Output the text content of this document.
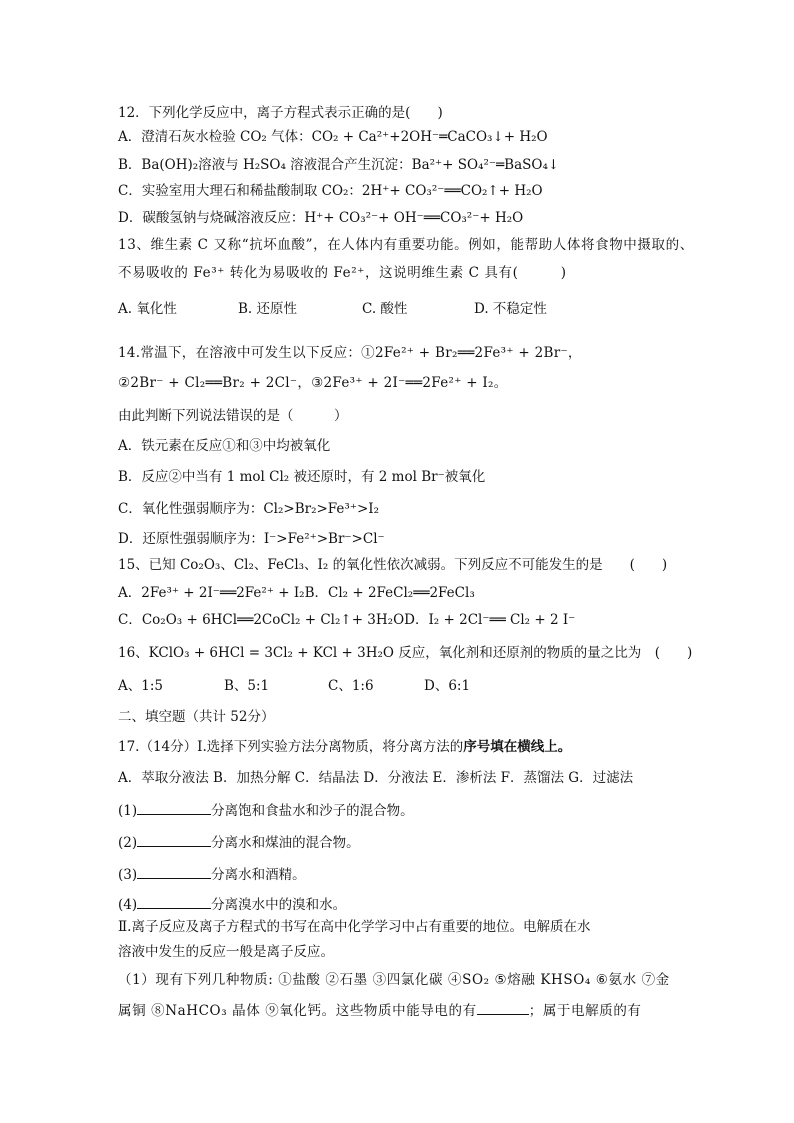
12．下列化学反应中，离子方程式表示正确的是(　　)
A．澄清石灰水检验 CO₂ 气体：CO₂ + Ca²⁺+2OH⁻═CaCO₃↓+ H₂O
B．Ba(OH)₂溶液与 H₂SO₄ 溶液混合产生沉淀：Ba²⁺+ SO₄²⁻═BaSO₄↓
C．实验室用大理石和稀盐酸制取 CO₂：2H⁺+ CO₃²⁻══CO₂↑+ H₂O
D．碳酸氢钠与烧碱溶液反应：H⁺+ CO₃²⁻+ OH⁻══CO₃²⁻+ H₂O
13、维生素 C 又称“抗坏血酸”，在人体内有重要功能。例如，能帮助人体将食物中摄取的、
不易吸收的 Fe³⁺ 转化为易吸收的 Fe²⁺，这说明维生素 C 具有(　　　)
A. 氧化性	B. 还原性	C. 酸性	D. 不稳定性
14.常温下，在溶液中可发生以下反应：①2Fe²⁺ + Br₂══2Fe³⁺ + 2Br⁻，
②2Br⁻ + Cl₂══Br₂ + 2Cl⁻，③2Fe³⁺ + 2I⁻══2Fe²⁺ + I₂。
由此判断下列说法错误的是（　　　）
A．铁元素在反应①和③中均被氧化
B．反应②中当有 1 mol Cl₂ 被还原时，有 2 mol Br⁻被氧化
C．氧化性强弱顺序为：Cl₂>Br₂>Fe³⁺>I₂
D．还原性强弱顺序为：I⁻>Fe²⁺>Br⁻>Cl⁻
15、已知 Co₂O₃、Cl₂、FeCl₃、I₂ 的氧化性依次减弱。下列反应不可能发生的是　　(　　)
A．2Fe³⁺ + 2I⁻══2Fe²⁺ + I₂B．Cl₂ + 2FeCl₂══2FeCl₃
C．Co₂O₃ + 6HCl══2CoCl₂ + Cl₂↑+ 3H₂OD．I₂ + 2Cl⁻══ Cl₂ + 2 I⁻
16、KClO₃ + 6HCl = 3Cl₂ + KCl + 3H₂O 反应，氧化剂和还原剂的物质的量之比为　(　　)
A、1:5	B、5:1	C、1:6	D、6:1
二、填空题（共计 52分）
17.（14分）Ⅰ.选择下列实验方法分离物质，将分离方法的序号填在横线上。
A．萃取分液法 B．加热分解 C．结晶法 D．分液法 E．渗析法 F．蒸馏法 G．过滤法
(1)	分离饱和食盐水和沙子的混合物。
(2)	分离水和煤油的混合物。
(3)	分离水和酒精。
(4)	分离溴水中的溴和水。
Ⅱ.离子反应及离子方程式的书写在高中化学学习中占有重要的地位。电解质在水
溶液中发生的反应一般是离子反应。
（1）现有下列几种物质: ①盐酸 ②石墨 ③四氯化碳 ④SO₂ ⑤熔融 KHSO₄ ⑥氨水 ⑦金
属铜 ⑧NaHCO₃ 晶体 ⑨氧化钙。这些物质中能导电的有	；属于电解质的有
